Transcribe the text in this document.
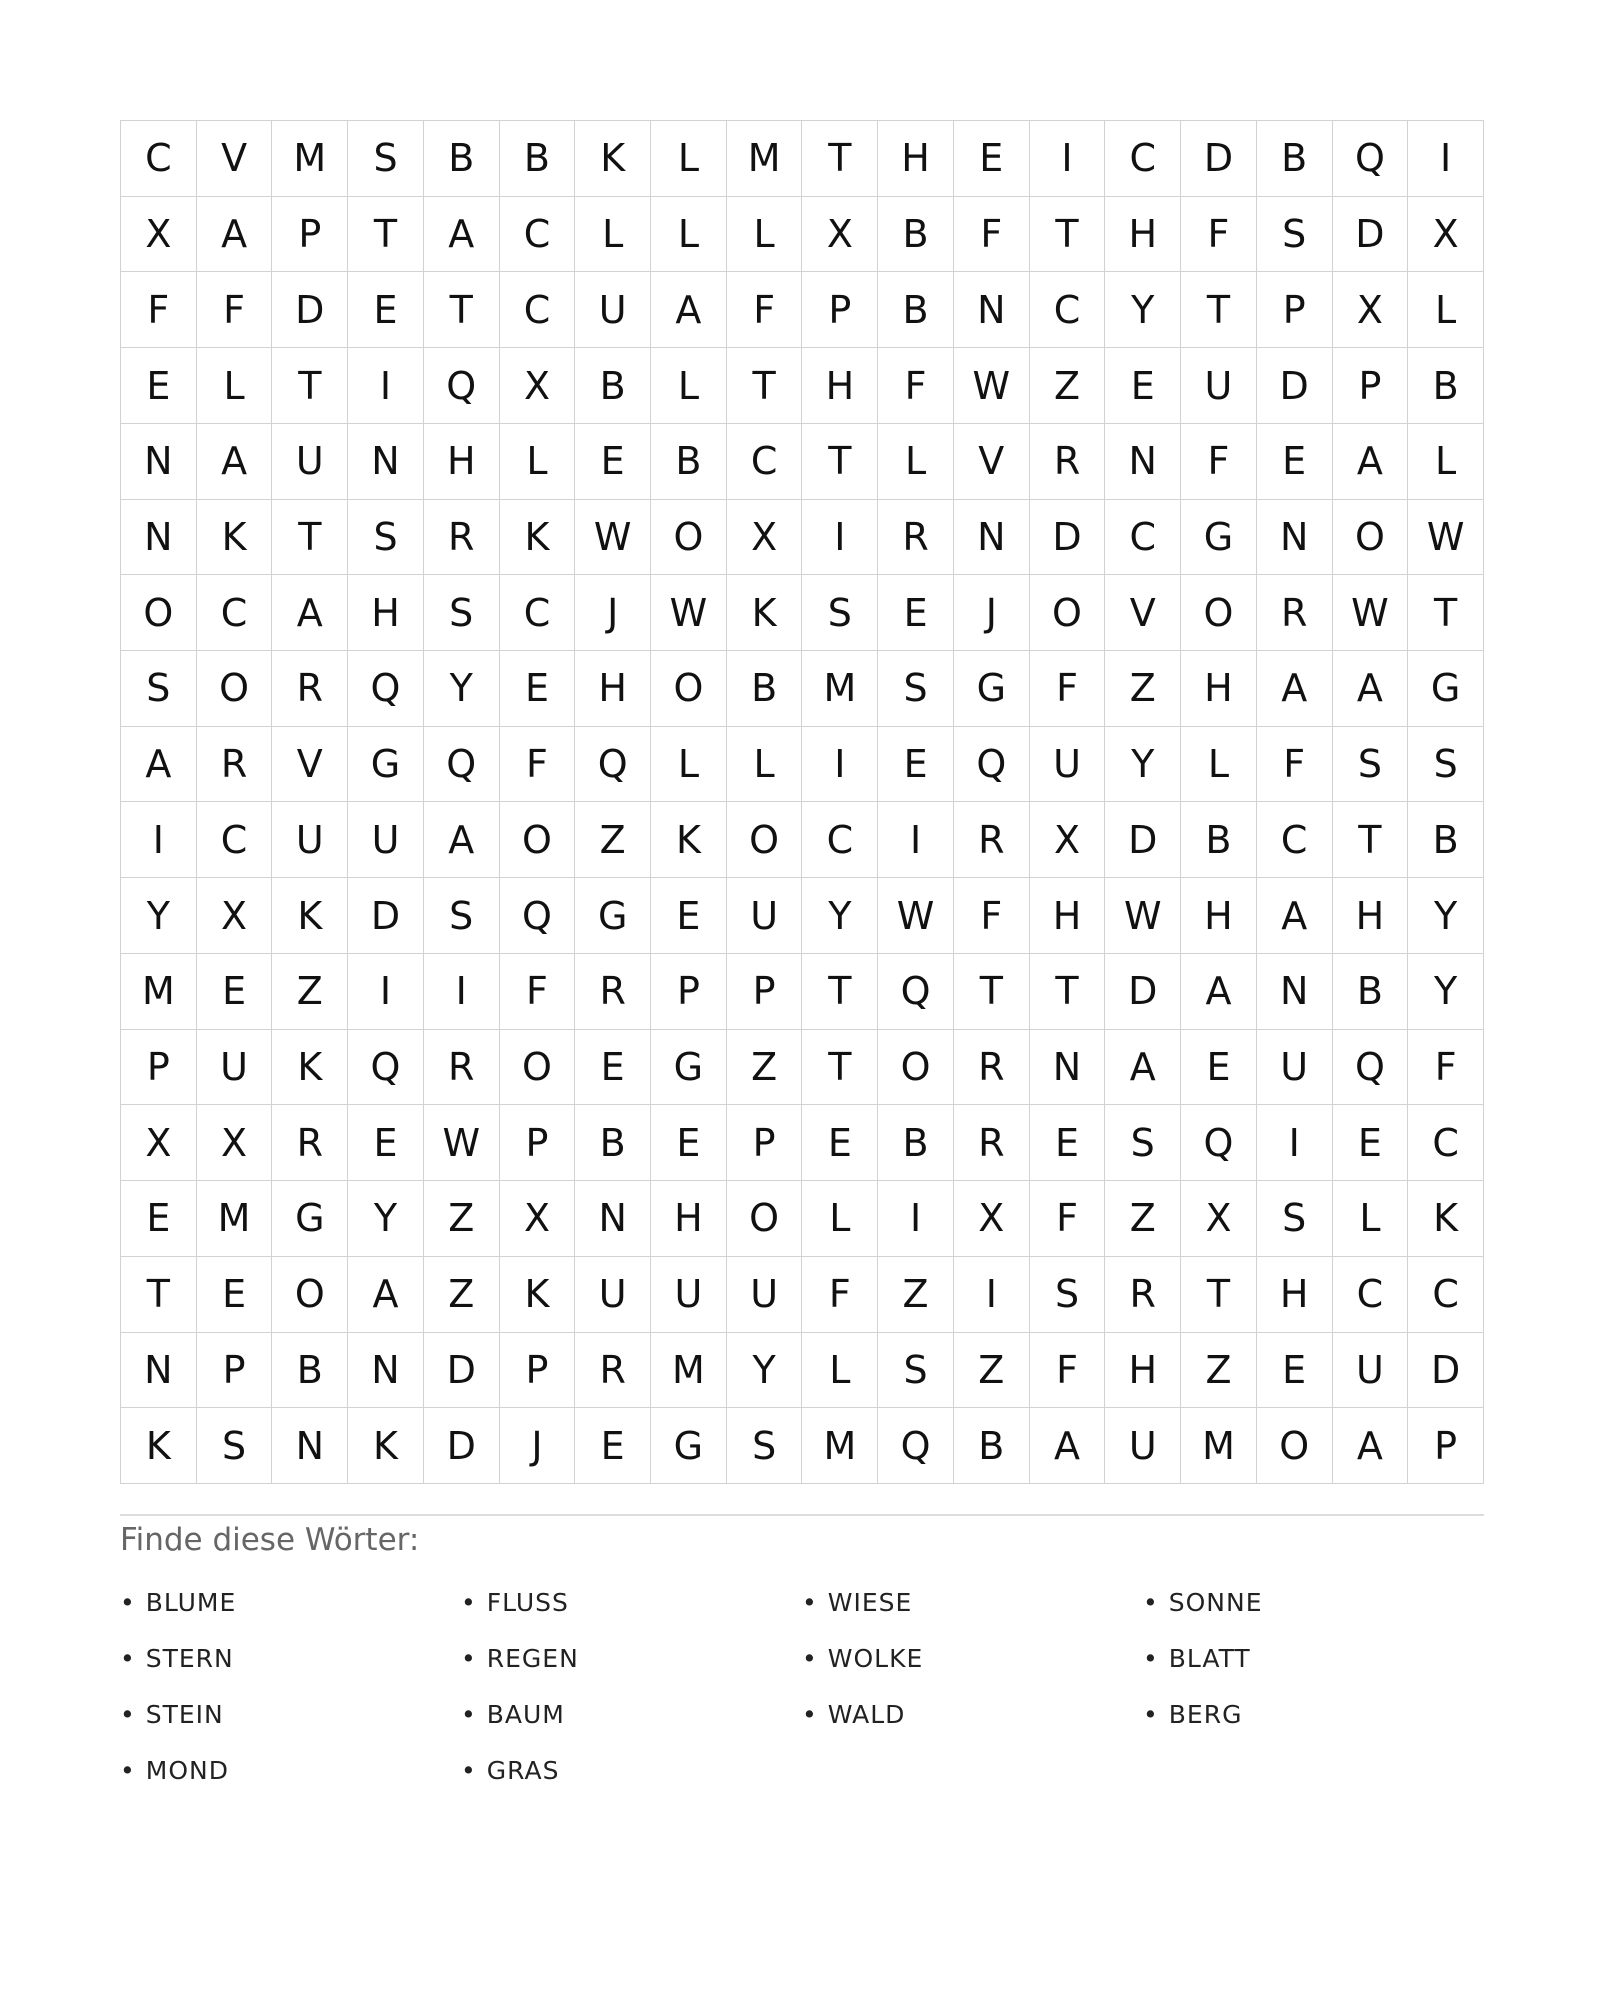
C	V	M	S	B	B	K	L	M	T	H	E	I	C	D	B	Q	I
X	A	P	T	A	C	L	L	L	X	B	F	T	H	F	S	D	X
F	F	D	E	T	C	U	A	F	P	B	N	C	Y	T	P	X	L
E	L	T	I	Q	X	B	L	T	H	F	W	Z	E	U	D	P	B
N	A	U	N	H	L	E	B	C	T	L	V	R	N	F	E	A	L
N	K	T	S	R	K	W	O	X	I	R	N	D	C	G	N	O	W
O	C	A	H	S	C	J	W	K	S	E	J	O	V	O	R	W	T
S	O	R	Q	Y	E	H	O	B	M	S	G	F	Z	H	A	A	G
A	R	V	G	Q	F	Q	L	L	I	E	Q	U	Y	L	F	S	S
I	C	U	U	A	O	Z	K	O	C	I	R	X	D	B	C	T	B
Y	X	K	D	S	Q	G	E	U	Y	W	F	H	W	H	A	H	Y
M	E	Z	I	I	F	R	P	P	T	Q	T	T	D	A	N	B	Y
P	U	K	Q	R	O	E	G	Z	T	O	R	N	A	E	U	Q	F
X	X	R	E	W	P	B	E	P	E	B	R	E	S	Q	I	E	C
E	M	G	Y	Z	X	N	H	O	L	I	X	F	Z	X	S	L	K
T	E	O	A	Z	K	U	U	U	F	Z	I	S	R	T	H	C	C
N	P	B	N	D	P	R	M	Y	L	S	Z	F	H	Z	E	U	D
K	S	N	K	D	J	E	G	S	M	Q	B	A	U	M	O	A	P
Finde diese Wörter:
• BLUME	• FLUSS	• WIESE	• SONNE
• STERN	• REGEN	• WOLKE	• BLATT
• STEIN	• BAUM	• WALD	• BERG
• MOND	• GRAS
